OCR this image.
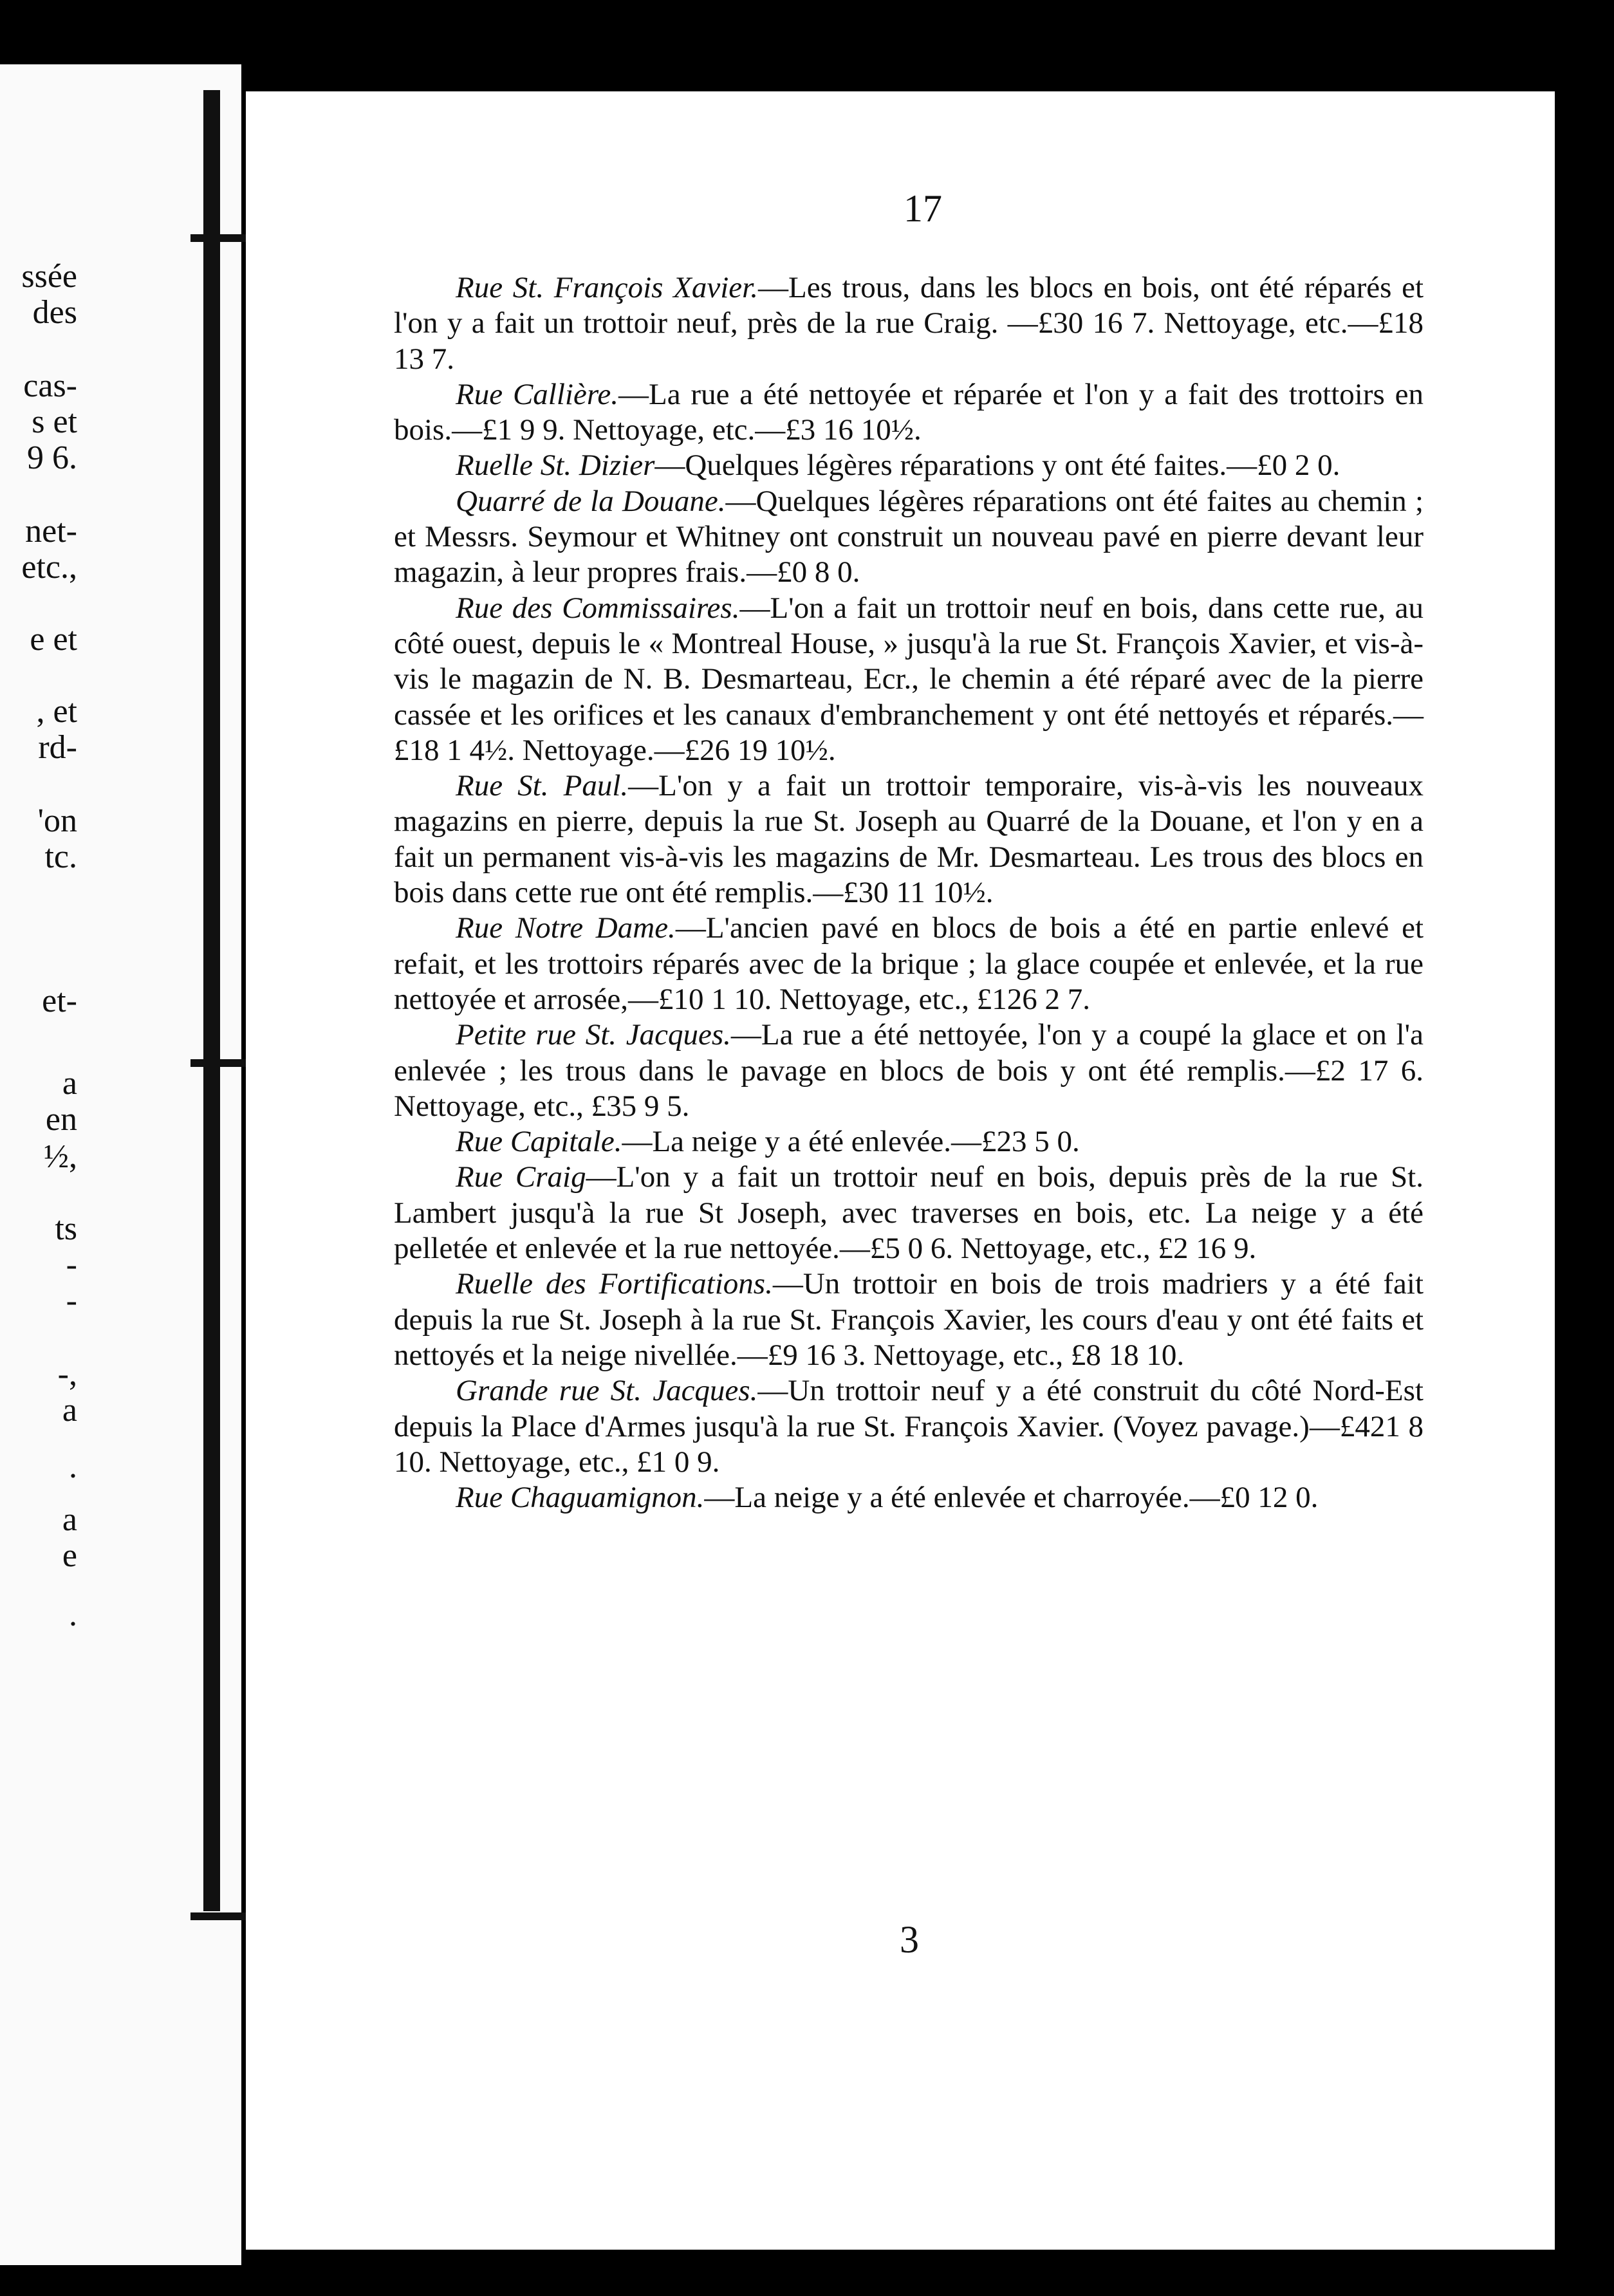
ssée
des
cas-
s et
9 6.
net-
etc.,
e et
, et
rd-
'on
tc.
et-
a
en
½,
ts
-
-
-,
a
.
a
e
.
17

Rue St. François Xavier.—Les trous, dans les blocs en bois, ont été réparés et l'on y a fait un trottoir neuf, près de la rue Craig. —£30 16 7. Nettoyage, etc.—£18 13 7.

Rue Callière.—La rue a été nettoyée et réparée et l'on y a fait des trottoirs en bois.—£1 9 9. Nettoyage, etc.—£3 16 10½.

Ruelle St. Dizier—Quelques légères réparations y ont été faites.—£0 2 0.

Quarré de la Douane.—Quelques légères réparations ont été faites au chemin ; et Messrs. Seymour et Whitney ont construit un nouveau pavé en pierre devant leur magazin, à leur propres frais.—£0 8 0.

Rue des Commissaires.—L'on a fait un trottoir neuf en bois, dans cette rue, au côté ouest, depuis le « Montreal House, » jusqu'à la rue St. François Xavier, et vis-à-vis le magazin de N. B. Desmarteau, Ecr., le chemin a été réparé avec de la pierre cassée et les orifices et les canaux d'embranchement y ont été nettoyés et réparés.—£18 1 4½. Nettoyage.—£26 19 10½.

Rue St. Paul.—L'on y a fait un trottoir temporaire, vis-à-vis les nouveaux magazins en pierre, depuis la rue St. Joseph au Quarré de la Douane, et l'on y en a fait un permanent vis-à-vis les magazins de Mr. Desmarteau. Les trous des blocs en bois dans cette rue ont été remplis.—£30 11 10½.

Rue Notre Dame.—L'ancien pavé en blocs de bois a été en partie enlevé et refait, et les trottoirs réparés avec de la brique ; la glace coupée et enlevée, et la rue nettoyée et arrosée,—£10 1 10. Nettoyage, etc., £126 2 7.

Petite rue St. Jacques.—La rue a été nettoyée, l'on y a coupé la glace et on l'a enlevée ; les trous dans le pavage en blocs de bois y ont été remplis.—£2 17 6. Nettoyage, etc., £35 9 5.

Rue Capitale.—La neige y a été enlevée.—£23 5 0.

Rue Craig—L'on y a fait un trottoir neuf en bois, depuis près de la rue St. Lambert jusqu'à la rue St Joseph, avec traverses en bois, etc. La neige y a été pelletée et enlevée et la rue nettoyée.—£5 0 6. Nettoyage, etc., £2 16 9.

Ruelle des Fortifications.—Un trottoir en bois de trois madriers y a été fait depuis la rue St. Joseph à la rue St. François Xavier, les cours d'eau y ont été faits et nettoyés et la neige nivellée.—£9 16 3. Nettoyage, etc., £8 18 10.

Grande rue St. Jacques.—Un trottoir neuf y a été construit du côté Nord-Est depuis la Place d'Armes jusqu'à la rue St. François Xavier. (Voyez pavage.)—£421 8 10. Nettoyage, etc., £1 0 9.

Rue Chaguamignon.—La neige y a été enlevée et charroyée.—£0 12 0.

3
